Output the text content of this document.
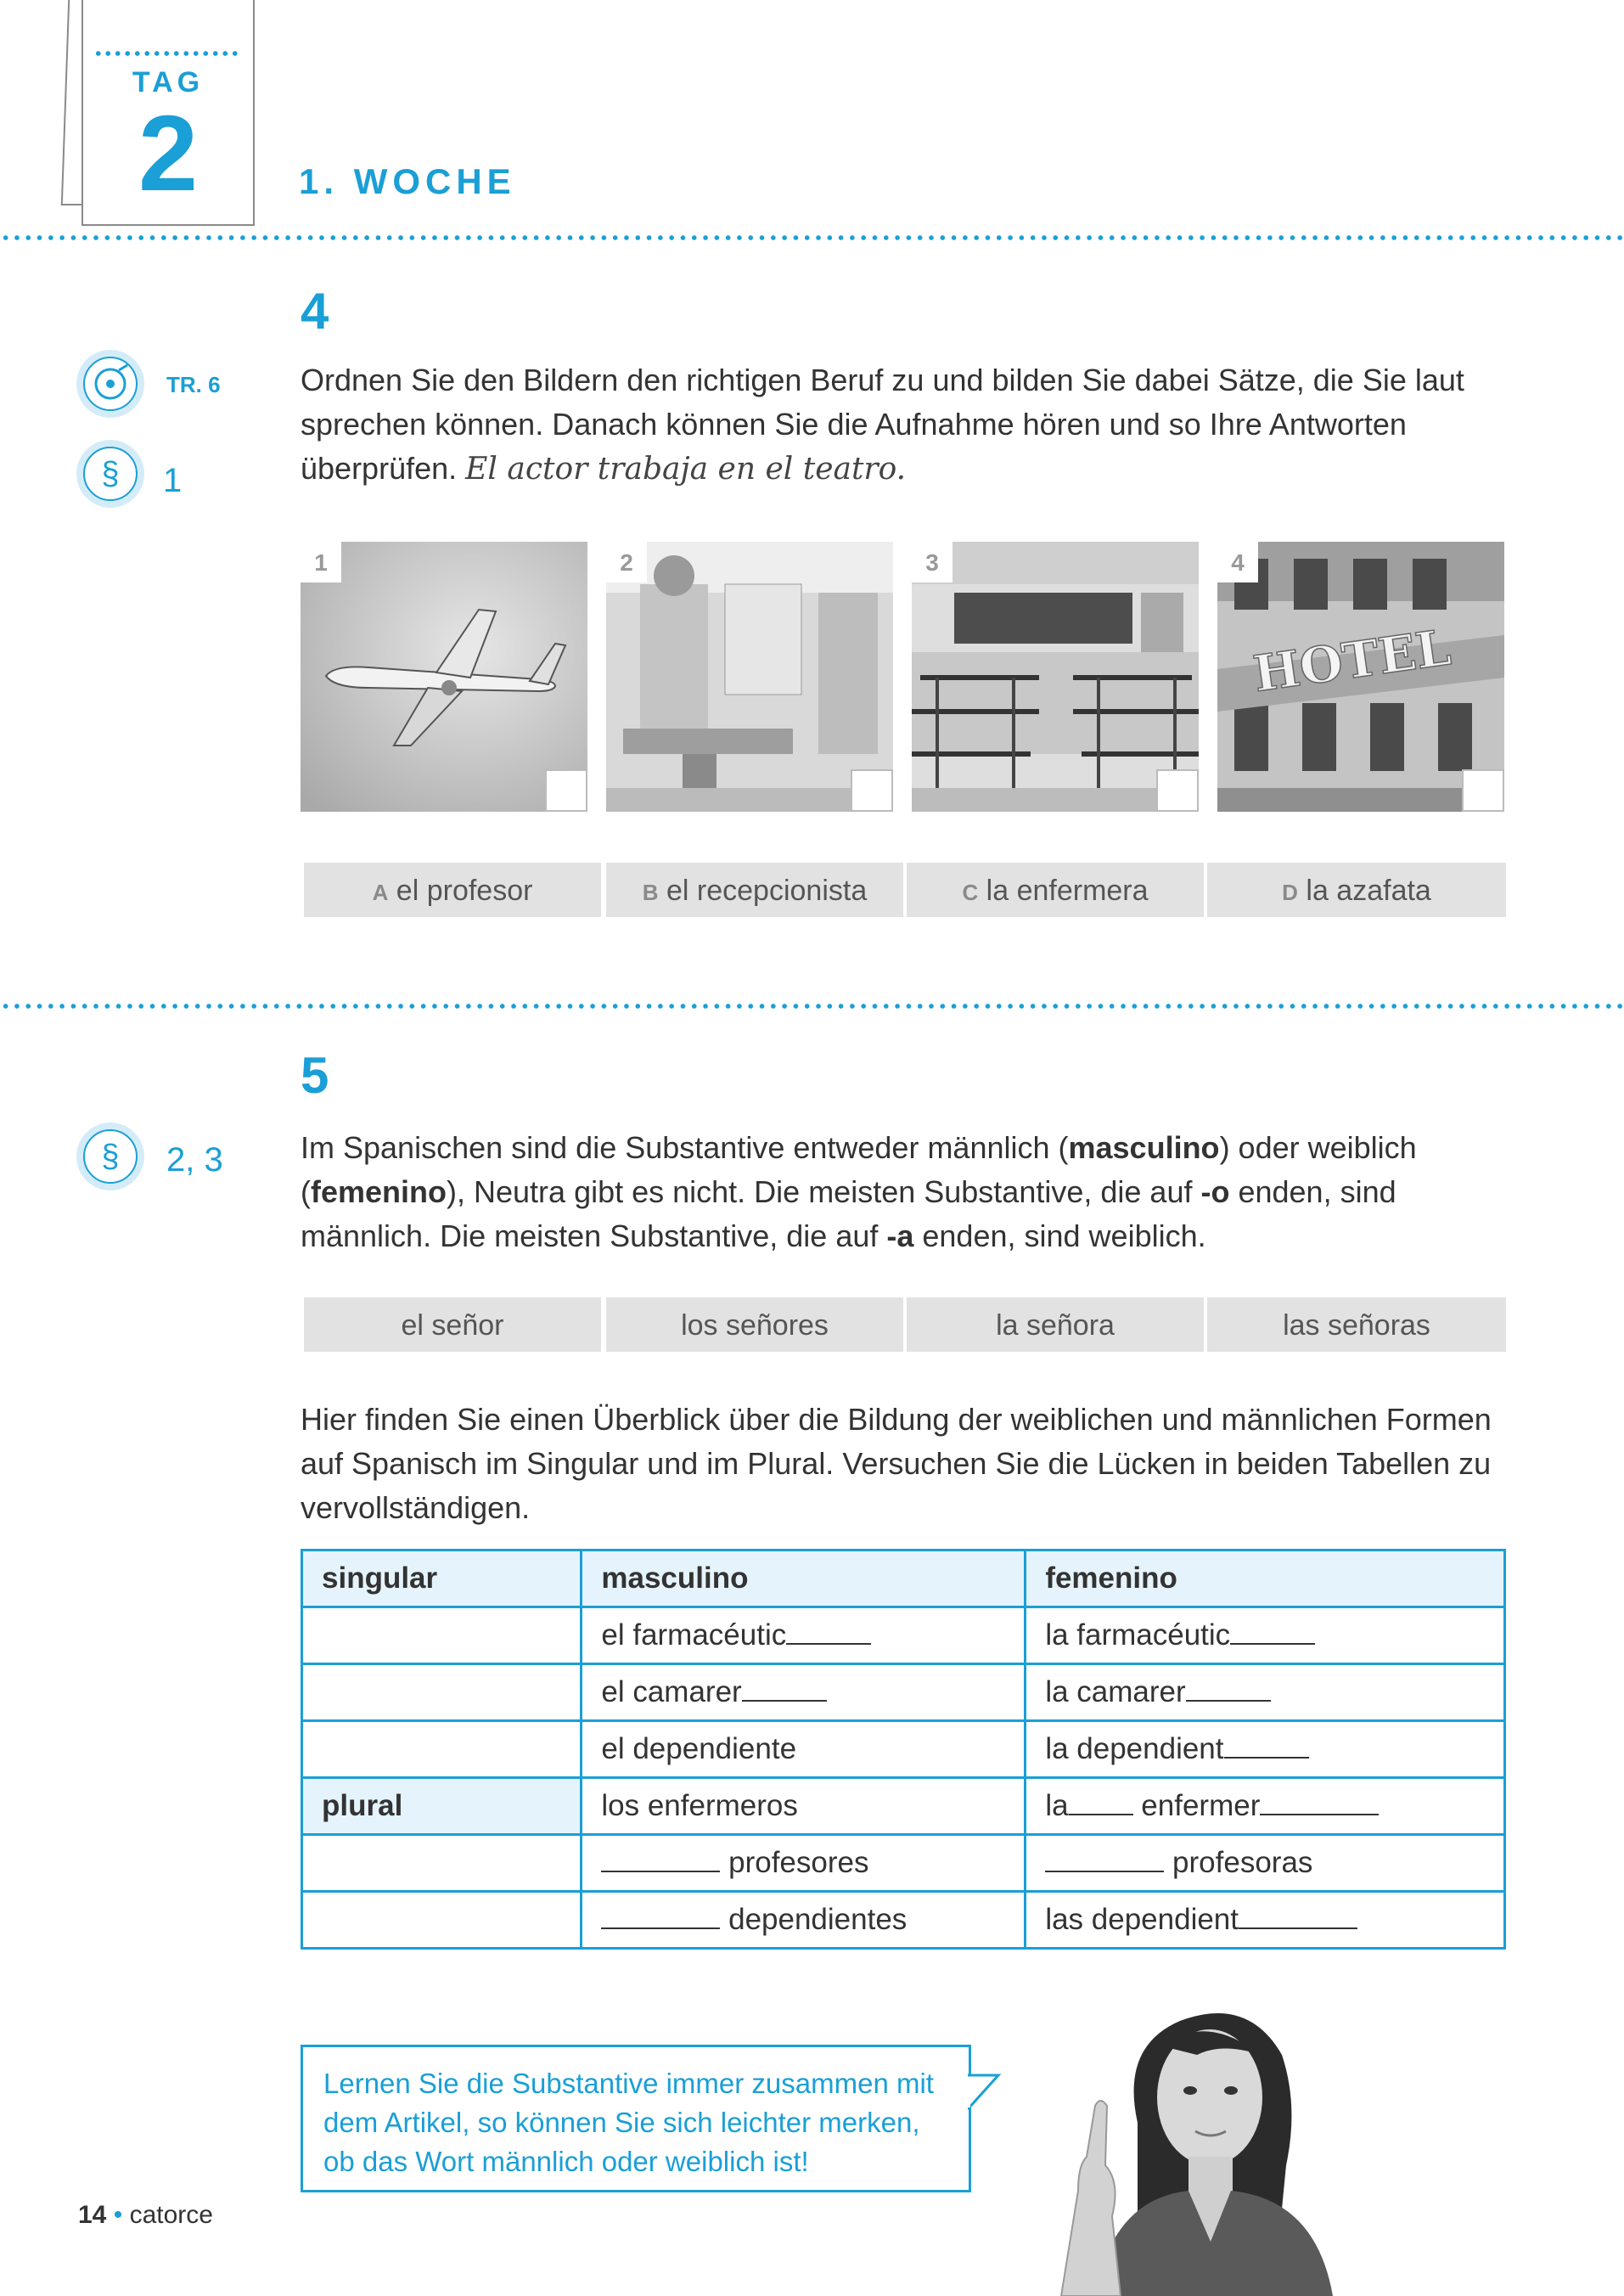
TAG
2	1. WOCHE
4
TR. 6
§	1
Ordnen Sie den Bildern den richtigen Beruf zu und bilden Sie dabei Sätze, die Sie laut sprechen können. Danach können Sie die Aufnahme hören und so Ihre Antworten überprüfen. El actor trabaja en el teatro.
1	2	3
HOTEL
4
A el profesor	B el recepcionista	C la enfermera	D la azafata
5
§	2, 3	Im Spanischen sind die Substantive entweder männlich (masculino) oder weiblich (femenino), Neutra gibt es nicht. Die meisten Substantive, die auf -o enden, sind männlich. Die meisten Substantive, die auf -a enden, sind weiblich.
el señor	los señores	la señora	las señoras
Hier finden Sie einen Überblick über die Bildung der weiblichen und männlichen Formen auf Spanisch im Singular und im Plural. Versuchen Sie die Lücken in beiden Tabellen zu vervollständigen.
singular	masculino	femenino
	el farmacéutic	la farmacéutic
	el camarer	la camarer
	el dependiente	la dependient
plural	los enfermeros	la enfermer
	profesores	profesoras
	dependientes	las dependient
Lernen Sie die Substantive immer zusammen mit dem Artikel, so können Sie sich leichter merken, ob das Wort männlich oder weiblich ist!
14 • catorce
